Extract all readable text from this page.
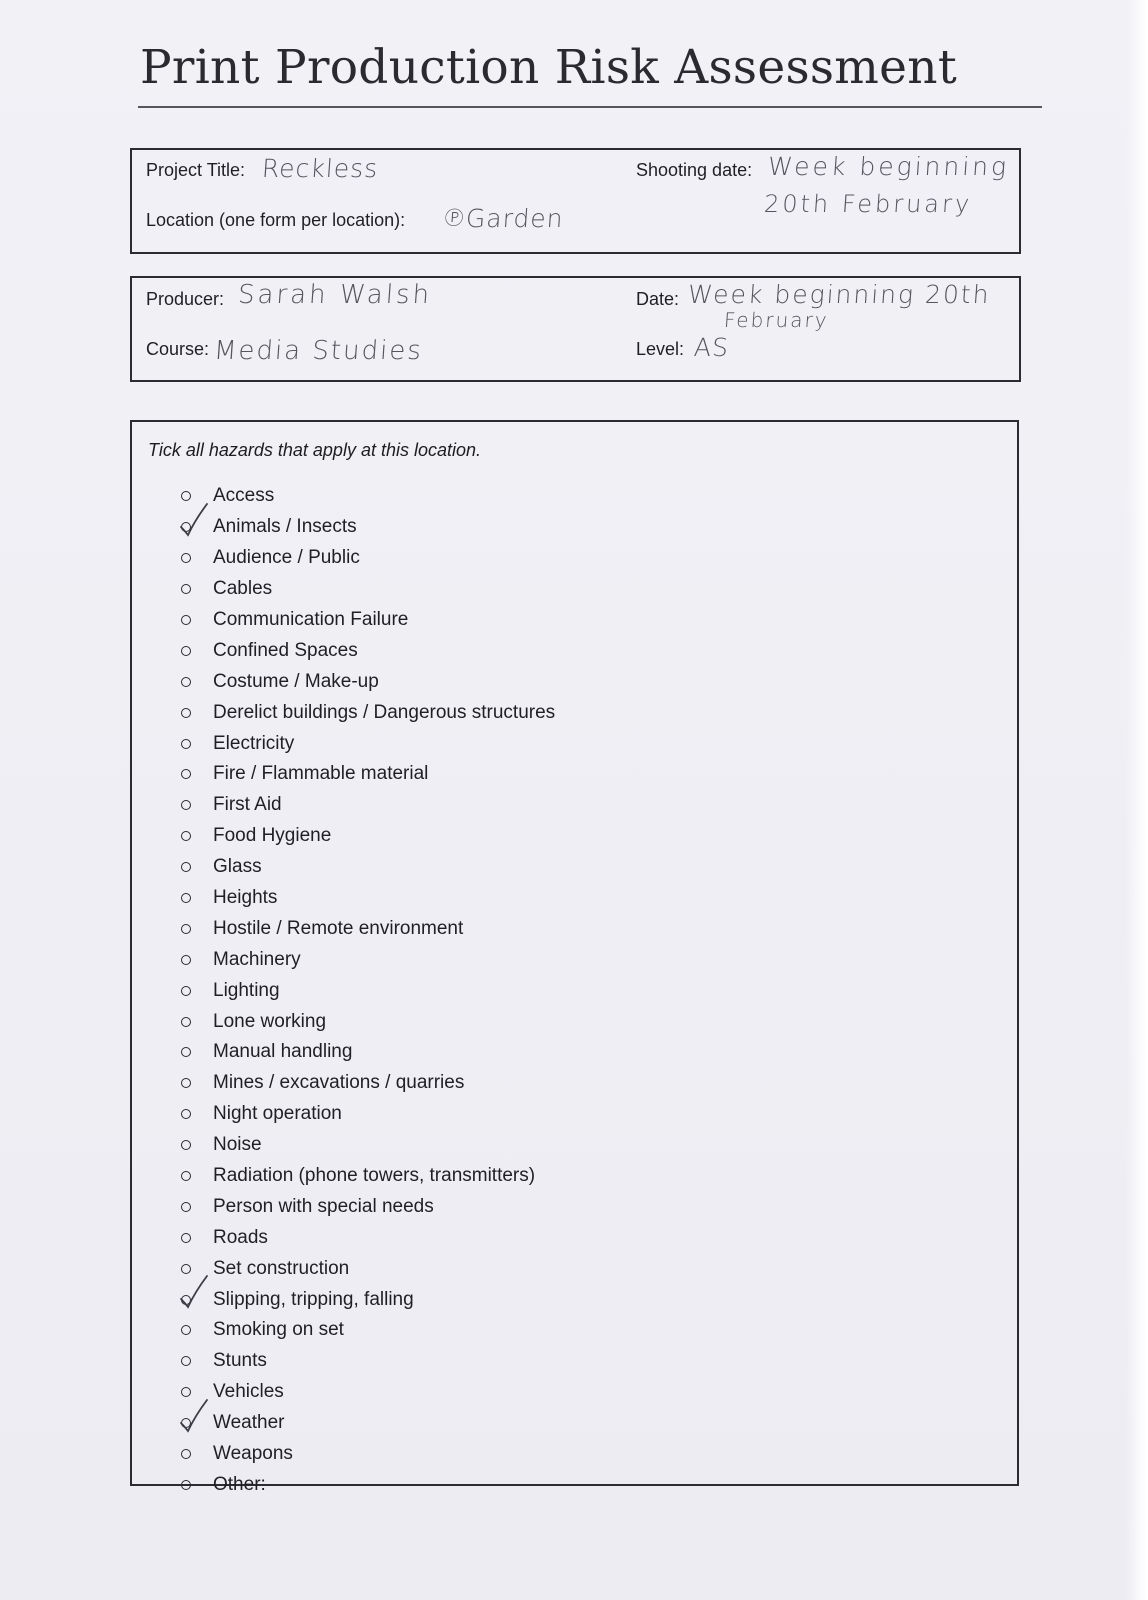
Print Production Risk Assessment
Project Title: Reckless
Location (one form per location): ℗
Garden
Shooting date: Week beginning
20th February
Producer: Sarah Walsh
Course: Media Studies
Date: Week beginning 20th
February
Level: AS
Tick all hazards that apply at this location.
Access
Animals / Insects
Audience / Public
Cables
Communication Failure
Confined Spaces
Costume / Make-up
Derelict buildings / Dangerous structures
Electricity
Fire / Flammable material
First Aid
Food Hygiene
Glass
Heights
Hostile / Remote environment
Machinery
Lighting
Lone working
Manual handling
Mines / excavations / quarries
Night operation
Noise
Radiation (phone towers, transmitters)
Person with special needs
Roads
Set construction
Slipping, tripping, falling
Smoking on set
Stunts
Vehicles
Weather
Weapons
Other:
